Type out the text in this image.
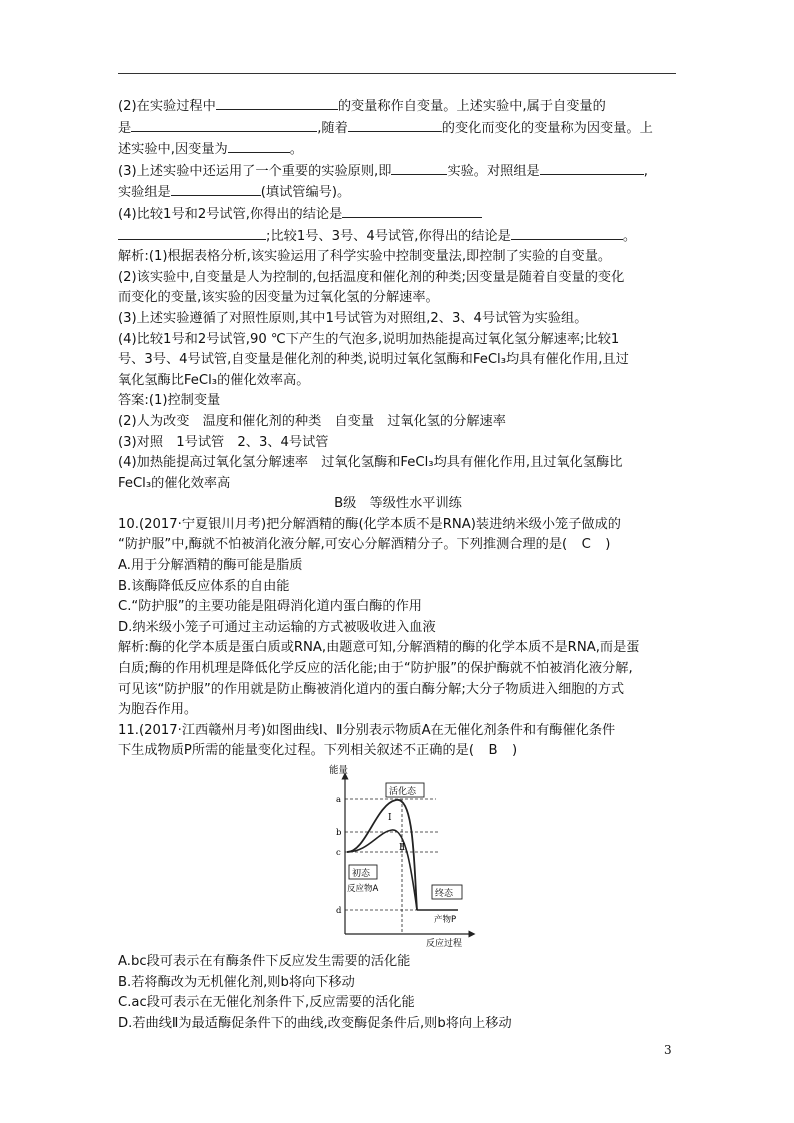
(2)在实验过程中	的变量称作自变量。上述实验中,属于自变量的
是	,随着	的变化而变化的变量称为因变量。上
述实验中,因变量为	。
(3)上述实验中还运用了一个重要的实验原则,即	实验。对照组是	,
实验组是	(填试管编号)。
(4)比较1号和2号试管,你得出的结论是
;比较1号、3号、4号试管,你得出的结论是	。
解析:(1)根据表格分析,该实验运用了科学实验中控制变量法,即控制了实验的自变量。
(2)该实验中,自变量是人为控制的,包括温度和催化剂的种类;因变量是随着自变量的变化
而变化的变量,该实验的因变量为过氧化氢的分解速率。
(3)上述实验遵循了对照性原则,其中1号试管为对照组,2、3、4号试管为实验组。
(4)比较1号和2号试管,90 ℃下产生的气泡多,说明加热能提高过氧化氢分解速率;比较1
号、3号、4号试管,自变量是催化剂的种类,说明过氧化氢酶和FeCl₃均具有催化作用,且过
氧化氢酶比FeCl₃的催化效率高。
答案:(1)控制变量
(2)人为改变　温度和催化剂的种类　自变量　过氧化氢的分解速率
(3)对照　1号试管　2、3、4号试管
(4)加热能提高过氧化氢分解速率　过氧化氢酶和FeCl₃均具有催化作用,且过氧化氢酶比
FeCl₃的催化效率高
B级　等级性水平训练
10.(2017·宁夏银川月考)把分解酒精的酶(化学本质不是RNA)装进纳米级小笼子做成的
“防护服”中,酶就不怕被消化液分解,可安心分解酒精分子。下列推测合理的是( C )
A.用于分解酒精的酶可能是脂质
B.该酶降低反应体系的自由能
C.“防护服”的主要功能是阻碍消化道内蛋白酶的作用
D.纳米级小笼子可通过主动运输的方式被吸收进入血液
解析:酶的化学本质是蛋白质或RNA,由题意可知,分解酒精的酶的化学本质不是RNA,而是蛋
白质;酶的作用机理是降低化学反应的活化能;由于“防护服”的保护酶就不怕被消化液分解,
可见该“防护服”的作用就是防止酶被消化道内的蛋白酶分解;大分子物质进入细胞的方式
为胞吞作用。
11.(2017·江西赣州月考)如图曲线Ⅰ、Ⅱ分别表示物质A在无催化剂条件和有酶催化条件
下生成物质P所需的能量变化过程。下列相关叙述不正确的是( B )
能量
a
b
c
d
Ⅰ
Ⅱ
活化态
初态
反应物A	终态
产物P
反应过程
A.bc段可表示在有酶条件下反应发生需要的活化能
B.若将酶改为无机催化剂,则b将向下移动
C.ac段可表示在无催化剂条件下,反应需要的活化能
D.若曲线Ⅱ为最适酶促条件下的曲线,改变酶促条件后,则b将向上移动
3
